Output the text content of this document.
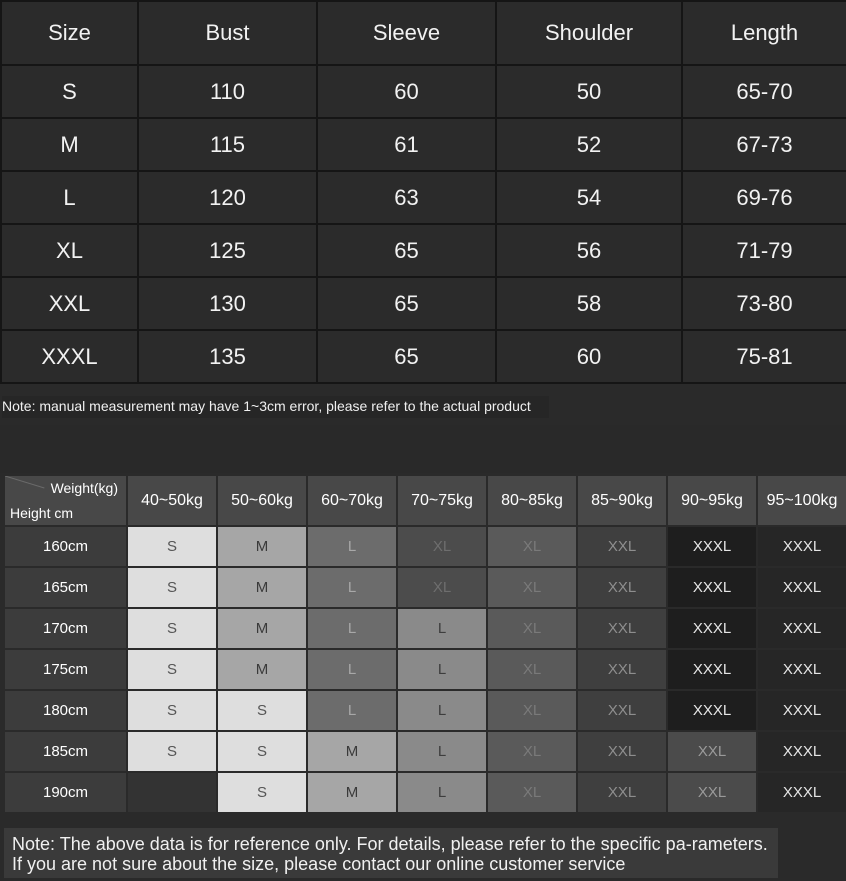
Size	Bust	Sleeve	Shoulder	Length
S	110	60	50	65-70
M	115	61	52	67-73
L	120	63	54	69-76
XL	125	65	56	71-79
XXL	130	65	58	73-80
XXXL	135	65	60	75-81
Note: manual measurement may have 1~3cm error, please refer to the actual product
Weight(kg)
Height cm	40~50kg	50~60kg	60~70kg	70~75kg	80~85kg	85~90kg	90~95kg	95~100kg
160cm	S	M	L	XL	XL	XXL	XXXL	XXXL
165cm	S	M	L	XL	XL	XXL	XXXL	XXXL
170cm	S	M	L	L	XL	XXL	XXXL	XXXL
175cm	S	M	L	L	XL	XXL	XXXL	XXXL
180cm	S	S	L	L	XL	XXL	XXXL	XXXL
185cm	S	S	M	L	XL	XXL	XXL	XXXL
190cm		S	M	L	XL	XXL	XXL	XXXL
Note: The above data is for reference only. For details, please refer to the specific pa-rameters. If you are not sure about the size, please contact our online customer service
